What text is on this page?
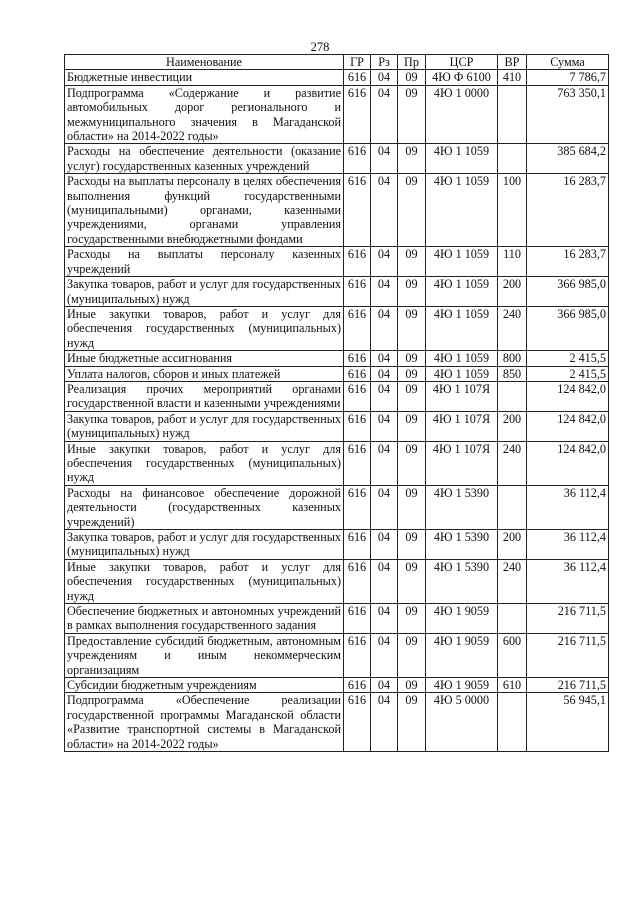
278
Наименование	ГР	Рз	Пр	ЦСР	ВР	Сумма
Бюджетные инвестиции	616	04	09	4Ю Ф 6100	410	7 786,7
Подпрограмма «Содержание и развитие автомобильных дорог регионального и межмуниципального значения в Магаданской области» на 2014-2022 годы»	616	04	09	4Ю 1 0000		763 350,1
Расходы на обеспечение деятельности (оказание услуг) государственных казенных учреждений	616	04	09	4Ю 1 1059		385 684,2
Расходы на выплаты персоналу в целях обеспечения выполнения функций государственными (муниципальными) органами, казенными учреждениями, органами управления государственными внебюджетными фондами	616	04	09	4Ю 1 1059	100	16 283,7
Расходы на выплаты персоналу казенных учреждений	616	04	09	4Ю 1 1059	110	16 283,7
Закупка товаров, работ и услуг для государственных (муниципальных) нужд	616	04	09	4Ю 1 1059	200	366 985,0
Иные закупки товаров, работ и услуг для обеспечения государственных (муниципальных) нужд	616	04	09	4Ю 1 1059	240	366 985,0
Иные бюджетные ассигнования	616	04	09	4Ю 1 1059	800	2 415,5
Уплата налогов, сборов и иных платежей	616	04	09	4Ю 1 1059	850	2 415,5
Реализация прочих мероприятий органами государственной власти и казенными учреждениями	616	04	09	4Ю 1 107Я		124 842,0
Закупка товаров, работ и услуг для государственных (муниципальных) нужд	616	04	09	4Ю 1 107Я	200	124 842,0
Иные закупки товаров, работ и услуг для обеспечения государственных (муниципальных) нужд	616	04	09	4Ю 1 107Я	240	124 842,0
Расходы на финансовое обеспечение дорожной деятельности (государственных казенных учреждений)	616	04	09	4Ю 1 5390		36 112,4
Закупка товаров, работ и услуг для государственных (муниципальных) нужд	616	04	09	4Ю 1 5390	200	36 112,4
Иные закупки товаров, работ и услуг для обеспечения государственных (муниципальных) нужд	616	04	09	4Ю 1 5390	240	36 112,4
Обеспечение бюджетных и автономных учреждений в рамках выполнения государственного задания	616	04	09	4Ю 1 9059		216 711,5
Предоставление субсидий бюджетным, автономным учреждениям и иным некоммерческим организациям	616	04	09	4Ю 1 9059	600	216 711,5
Субсидии бюджетным учреждениям	616	04	09	4Ю 1 9059	610	216 711,5
Подпрограмма «Обеспечение реализации государственной программы Магаданской области «Развитие транспортной системы в Магаданской области» на 2014-2022 годы»	616	04	09	4Ю 5 0000		56 945,1
